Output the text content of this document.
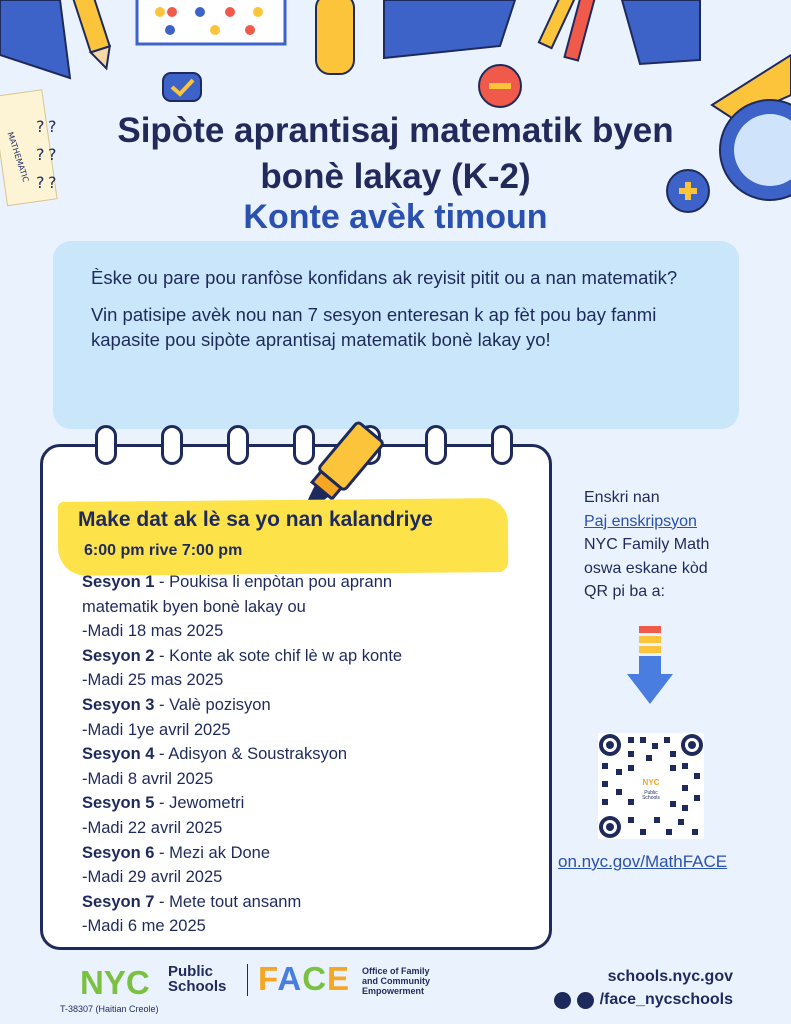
MATHEMATIC
? ?
? ?
? ?
Sipòte aprantisaj matematik byen
bonè lakay (K-2)
Konte avèk timoun

Èske ou pare pou ranfòse konfidans ak reyisit pitit ou a nan matematik?

Vin patisipe avèk nou nan 7 sesyon enteresan k ap fèt pou bay fanmi kapasite pou sipòte aprantisaj matematik bonè lakay yo!

Make dat ak lè sa yo nan kalandriye
6:00 pm rive 7:00 pm
Sesyon 1 - Poukisa li enpòtan pou aprann
matematik byen bonè lakay ou
-Madi 18 mas 2025
Sesyon 2 - Konte ak sote chif lè w ap konte
-Madi 25 mas 2025
Sesyon 3 - Valè pozisyon
-Madi 1ye avril 2025
Sesyon 4 - Adisyon & Soustraksyon
-Madi 8 avril 2025
Sesyon 5 - Jewometri
-Madi 22 avril 2025
Sesyon 6 - Mezi ak Done
-Madi 29 avril 2025
Sesyon 7 - Mete tout ansanm
-Madi 6 me 2025
Enskri nan
Paj enskripsyon
NYC Family Math
oswa eskane kòd
QR pi ba a:
NYC
Public
Schools
on.nyc.gov/MathFACE
NYC Public
Schools FACE Office of Family
and Community
Empowerment
T-38307 (Haitian Creole)
schools.nyc.gov
/face_nycschools
